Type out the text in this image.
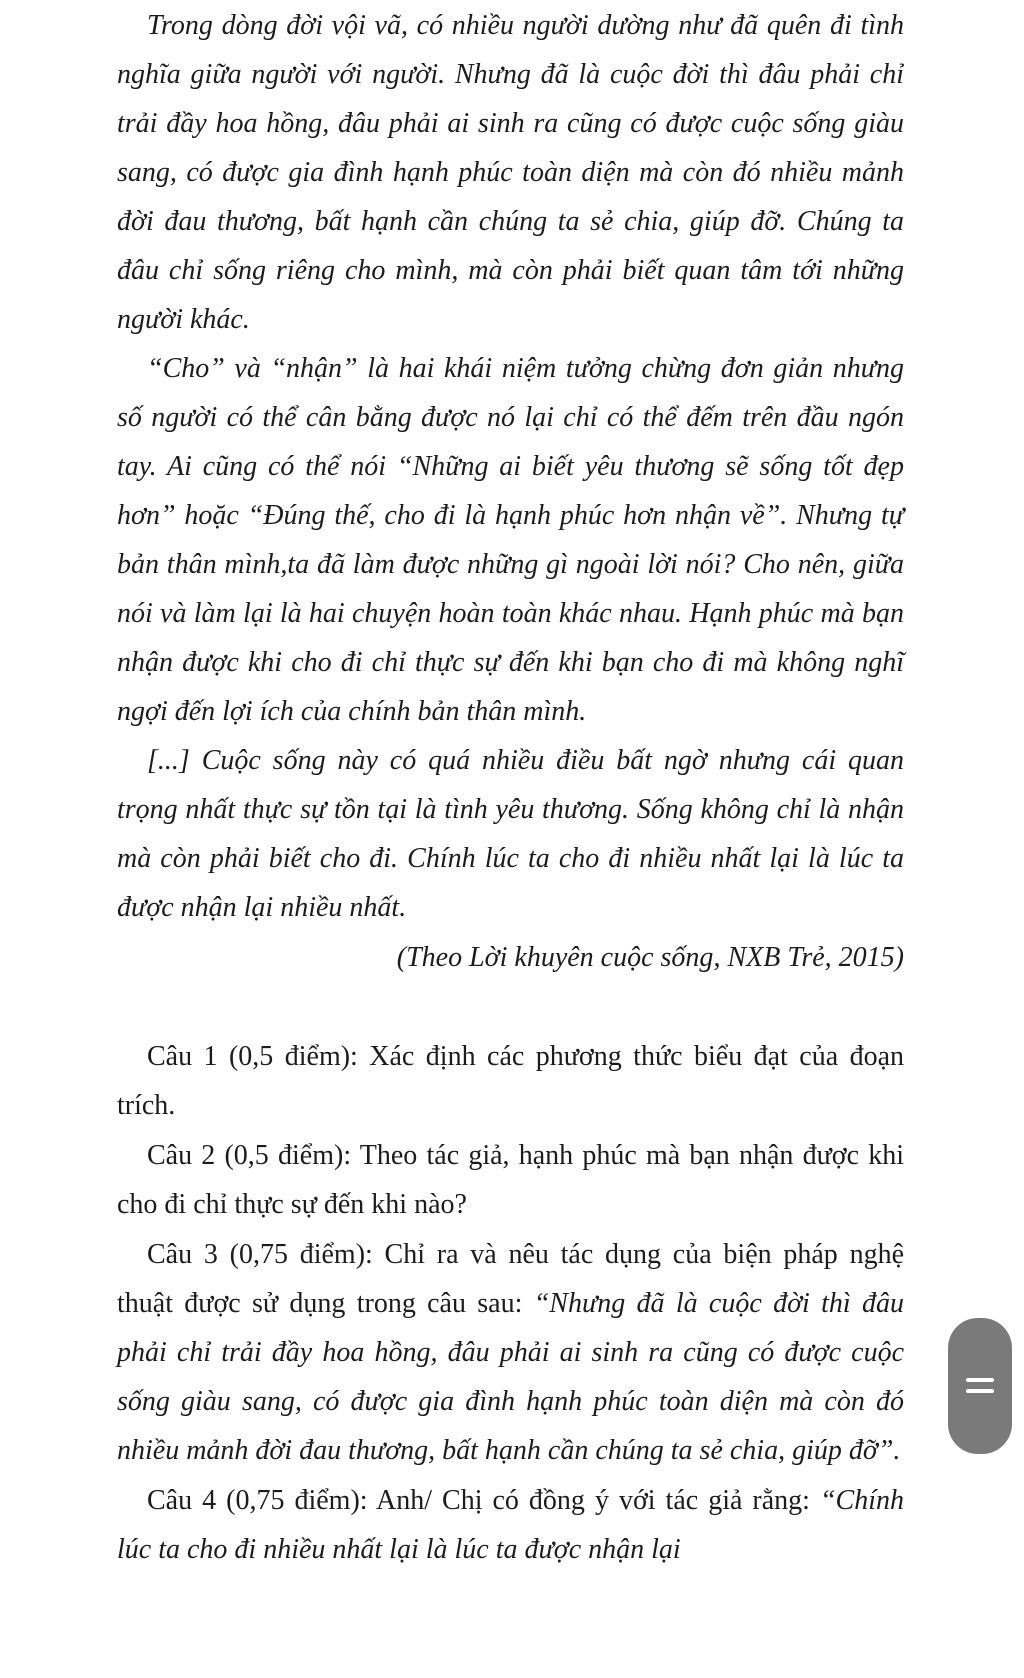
Trong dòng đời vội vã, có nhiều người dường như đã quên đi tình nghĩa giữa người với người. Nhưng đã là cuộc đời thì đâu phải chỉ trải đầy hoa hồng, đâu phải ai sinh ra cũng có được cuộc sống giàu sang, có được gia đình hạnh phúc toàn diện mà còn đó nhiều mảnh đời đau thương, bất hạnh cần chúng ta sẻ chia, giúp đỡ. Chúng ta đâu chỉ sống riêng cho mình, mà còn phải biết quan tâm tới những người khác.

“Cho” và “nhận” là hai khái niệm tưởng chừng đơn giản nhưng số người có thể cân bằng được nó lại chỉ có thể đếm trên đầu ngón tay. Ai cũng có thể nói “Những ai biết yêu thương sẽ sống tốt đẹp hơn” hoặc “Đúng thế, cho đi là hạnh phúc hơn nhận về”. Nhưng tự bản thân mình,ta đã làm được những gì ngoài lời nói? Cho nên, giữa nói và làm lại là hai chuyện hoàn toàn khác nhau. Hạnh phúc mà bạn nhận được khi cho đi chỉ thực sự đến khi bạn cho đi mà không nghĩ ngợi đến lợi ích của chính bản thân mình.

[...] Cuộc sống này có quá nhiều điều bất ngờ nhưng cái quan trọng nhất thực sự tồn tại là tình yêu thương. Sống không chỉ là nhận mà còn phải biết cho đi. Chính lúc ta cho đi nhiều nhất lại là lúc ta được nhận lại nhiều nhất.

(Theo Lời khuyên cuộc sống, NXB Trẻ, 2015)

Câu 1 (0,5 điểm): Xác định các phương thức biểu đạt của đoạn trích.

Câu 2 (0,5 điểm): Theo tác giả, hạnh phúc mà bạn nhận được khi cho đi chỉ thực sự đến khi nào?

Câu 3 (0,75 điểm): Chỉ ra và nêu tác dụng của biện pháp nghệ thuật được sử dụng trong câu sau: “Nhưng đã là cuộc đời thì đâu phải chỉ trải đầy hoa hồng, đâu phải ai sinh ra cũng có được cuộc sống giàu sang, có được gia đình hạnh phúc toàn diện mà còn đó nhiều mảnh đời đau thương, bất hạnh cần chúng ta sẻ chia, giúp đỡ”.

Câu 4 (0,75 điểm): Anh/ Chị có đồng ý với tác giả rằng: “Chính lúc ta cho đi nhiều nhất lại là lúc ta được nhận lại
